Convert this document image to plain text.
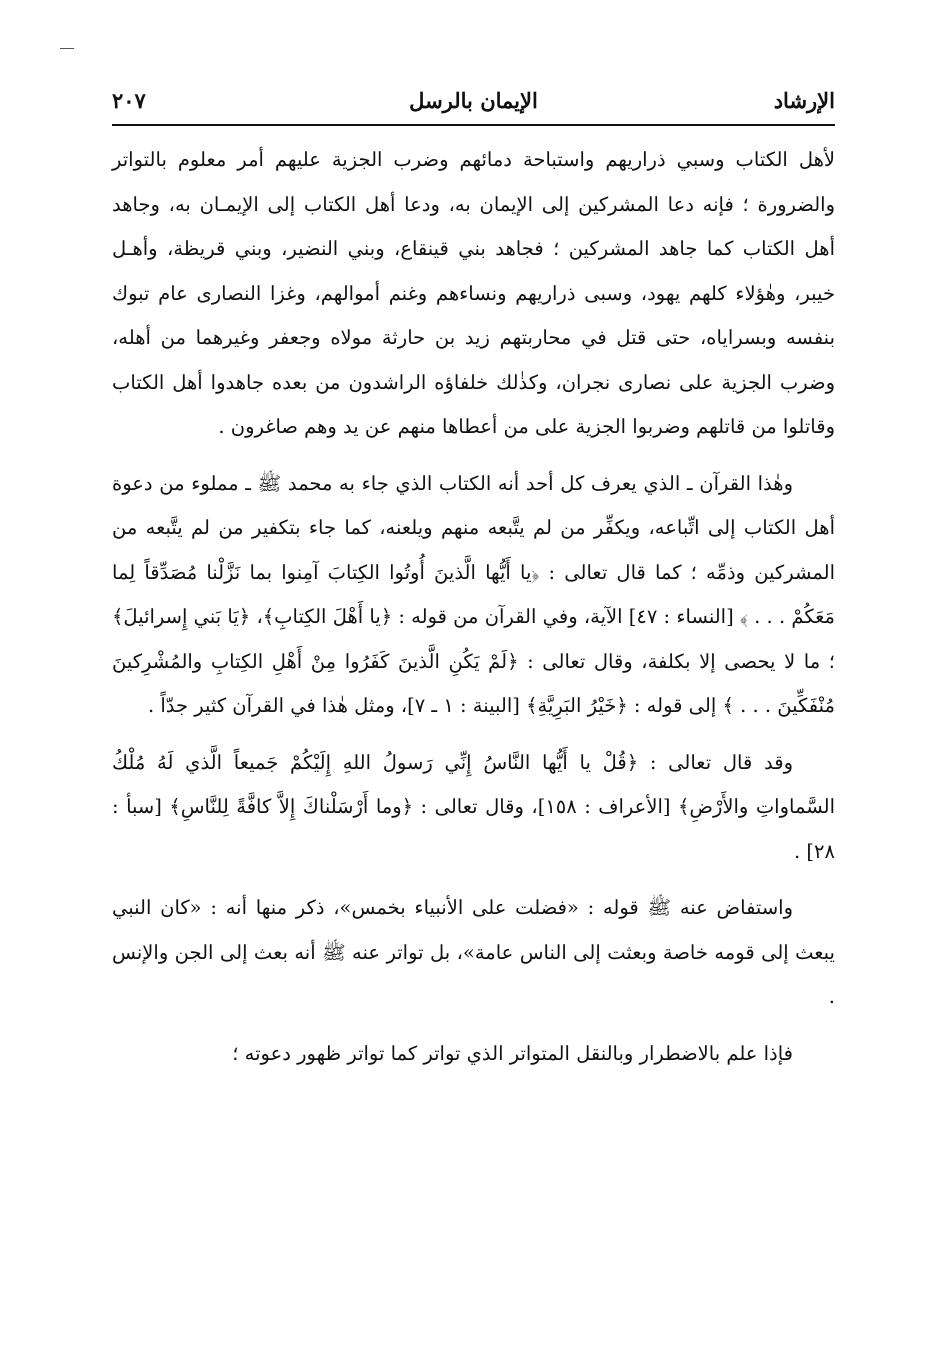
الإرشاد
الإيمان بالرسل
٢٠٧

لأهل الكتاب وسبي ذراريهم واستباحة دمائهم وضرب الجزية عليهم أمر معلوم بالتواتر والضرورة ؛ فإنه دعا المشركين إلى الإيمان به، ودعا أهل الكتاب إلى الإيمـان به، وجاهد أهل الكتاب كما جاهد المشركين ؛ فجاهد بني قينقاع، وبني النضير، وبني قريظة، وأهـل خيبر، وهٰؤلاء كلهم يهود، وسبى ذراريهم ونساءهم وغنم أموالهم، وغزا النصارى عام تبوك بنفسه وبسراياه، حتى قتل في محاربتهم زيد بن حارثة مولاه وجعفر وغيرهما من أهله، وضرب الجزية على نصارى نجران، وكذٰلك خلفاؤه الراشدون من بعده جاهدوا أهل الكتاب وقاتلوا من قاتلهم وضربوا الجزية على من أعطاها منهم عن يد وهم صاغرون .

وهٰذا القرآن ـ الذي يعرف كل أحد أنه الكتاب الذي جاء به محمد ﷺ ـ مملوء من دعوة أهل الكتاب إلى اتِّباعه، ويكفِّر من لم يتَّبعه منهم ويلعنه، كما جاء بتكفير من لم يتَّبعه من المشركين وذمِّه ؛ كما قال تعالى : ﴿يا أَيُّها الَّذينَ أُوتُوا الكِتابَ آمِنوا بما نَزَّلْنا مُصَدِّقاً لِما مَعَكُمْ . . . ﴾ [النساء : ٤٧] الآية، وفي القرآن من قوله : ﴿يا أَهْلَ الكِتابِ﴾، ﴿يَا بَني إِسرائيلَ﴾ ؛ ما لا يحصى إلا بكلفة، وقال تعالى : ﴿لَمْ يَكُنِ الَّذينَ كَفَرُوا مِنْ أَهْلِ الكِتابِ والمُشْرِكينَ مُنْفَكِّينَ . . . ﴾ إلى قوله : ﴿خَيْرُ البَرِيَّةِ﴾ [البينة : ١ ـ ٧]، ومثل هٰذا في القرآن كثير جدّاً .

وقد قال تعالى : ﴿قُلْ يا أَيُّها النَّاسُ إِنِّي رَسولُ اللهِ إِلَيْكُمْ جَميعاً الَّذي لَهُ مُلْكُ السَّماواتِ والأَرْضِ﴾ [الأعراف : ١٥٨]، وقال تعالى : ﴿وما أَرْسَلْناكَ إِلاَّ كافَّةً لِلنَّاسِ﴾ [سبأ : ٢٨] .

واستفاض عنه ﷺ قوله : «فضلت على الأنبياء بخمس»، ذكر منها أنه : «كان النبي يبعث إلى قومه خاصة وبعثت إلى الناس عامة»، بل تواتر عنه ﷺ أنه بعث إلى الجن والإنس .

فإذا علم بالاضطرار وبالنقل المتواتر الذي تواتر كما تواتر ظهور دعوته ؛
